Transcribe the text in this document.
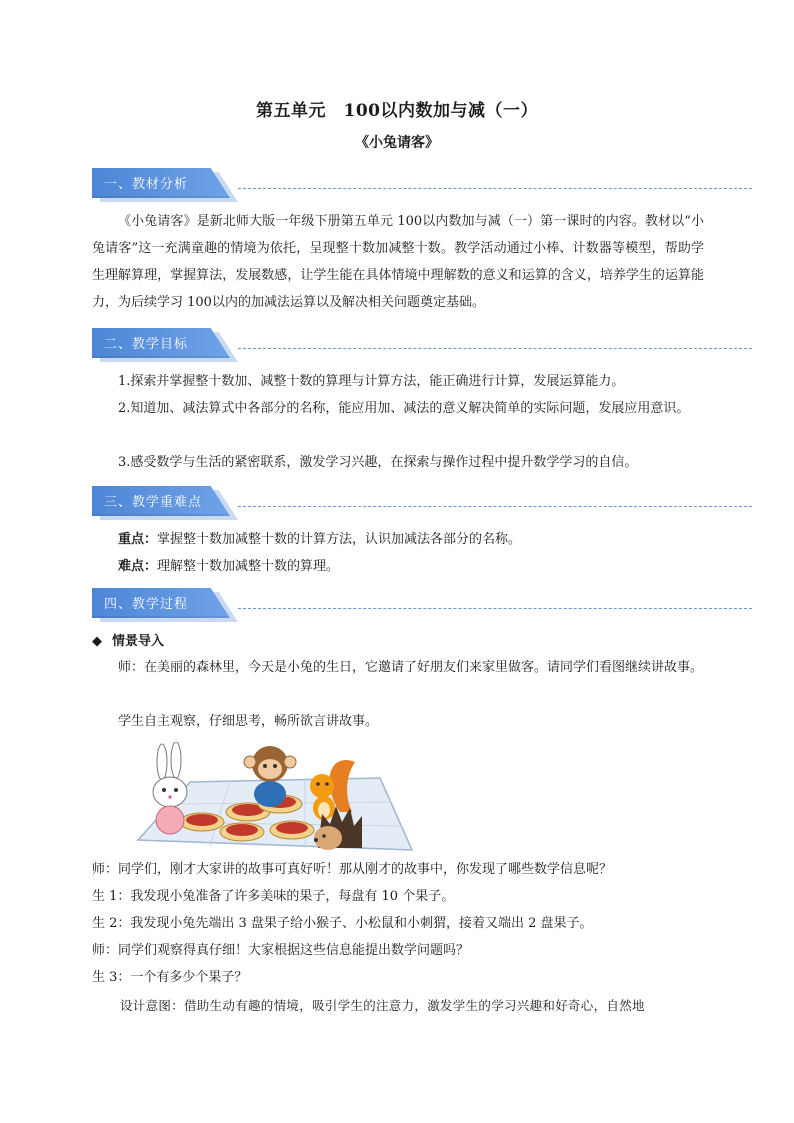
第五单元　100以内数加与减（一）
《小兔请客》
一、教材分析
《小兔请客》是新北师大版一年级下册第五单元 100以内数加与减（一）第一课时的内容。教材以“小兔请客”这一充满童趣的情境为依托，呈现整十数加减整十数。教学活动通过小棒、计数器等模型，帮助学生理解算理，掌握算法，发展数感，让学生能在具体情境中理解数的意义和运算的含义，培养学生的运算能力，为后续学习 100以内的加减法运算以及解决相关问题奠定基础。
二、教学目标
1.探索并掌握整十数加、减整十数的算理与计算方法，能正确进行计算，发展运算能力。
2.知道加、减法算式中各部分的名称，能应用加、减法的意义解决简单的实际问题，发展应用意识。
3.感受数学与生活的紧密联系，激发学习兴趣，在探索与操作过程中提升数学学习的自信。
三、教学重难点
重点：掌握整十数加减整十数的计算方法，认识加减法各部分的名称。
难点：理解整十数加减整十数的算理。
四、教学过程
◆ 情景导入
师：在美丽的森林里，今天是小兔的生日，它邀请了好朋友们来家里做客。请同学们看图继续讲故事。
学生自主观察，仔细思考，畅所欲言讲故事。
师：同学们，刚才大家讲的故事可真好听！那从刚才的故事中，你发现了哪些数学信息呢？
生 1：我发现小兔准备了许多美味的果子，每盘有 10 个果子。
生 2：我发现小兔先端出 3 盘果子给小猴子、小松鼠和小刺猬，接着又端出 2 盘果子。
师：同学们观察得真仔细！大家根据这些信息能提出数学问题吗？
生 3：一个有多少个果子？
设计意图：借助生动有趣的情境，吸引学生的注意力，激发学生的学习兴趣和好奇心，自然地
